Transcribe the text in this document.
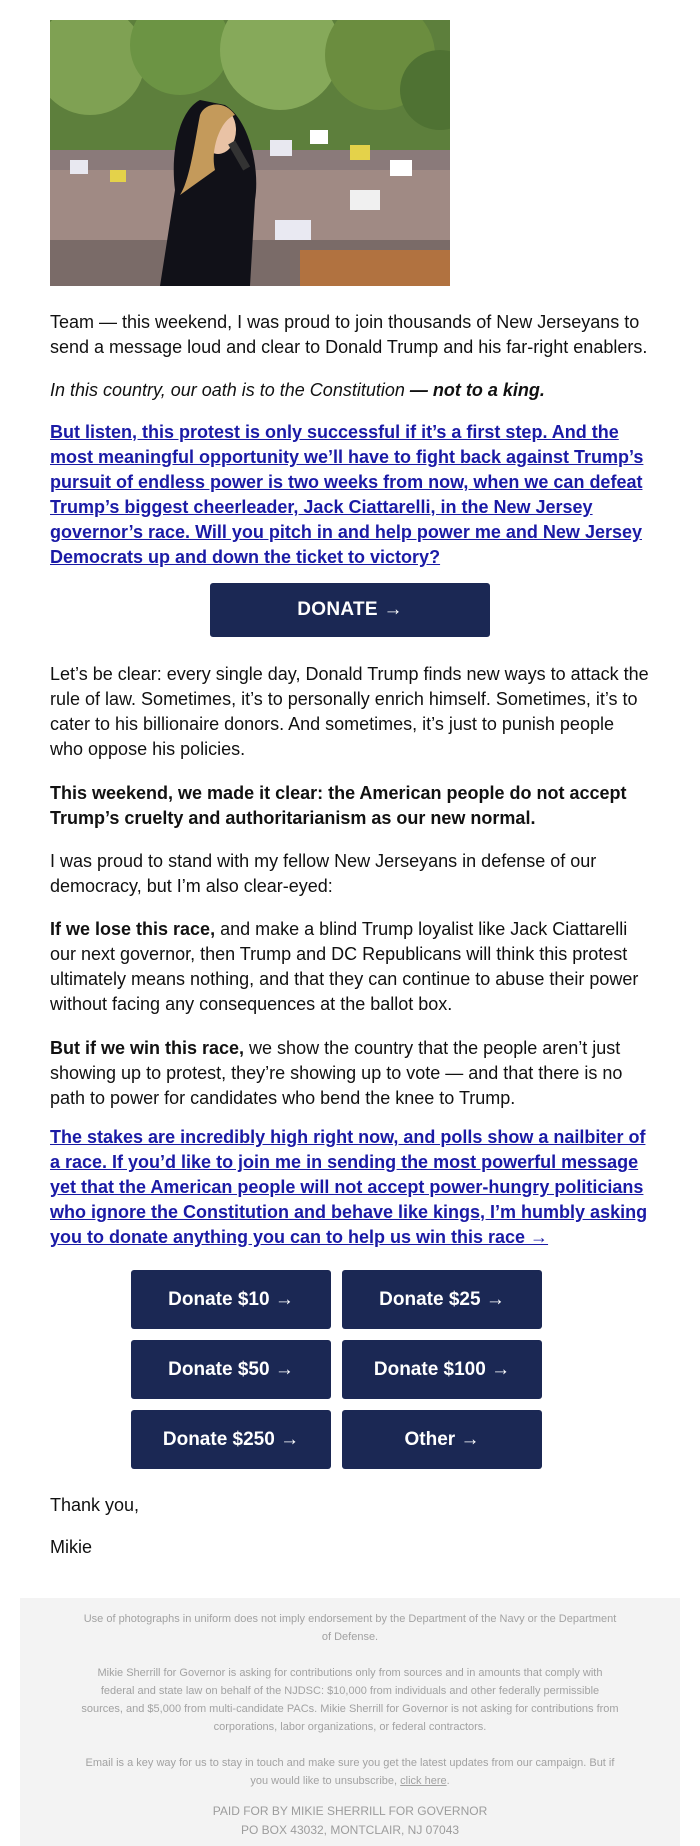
Team — this weekend, I was proud to join thousands of New Jerseyans to send a message loud and clear to Donald Trump and his far-right enablers.

In this country, our oath is to the Constitution — not to a king.

But listen, this protest is only successful if it’s a first step. And the most meaningful opportunity we’ll have to fight back against Trump’s pursuit of endless power is two weeks from now, when we can defeat Trump’s biggest cheerleader, Jack Ciattarelli, in the New Jersey governor’s race. Will you pitch in and help power me and New Jersey Democrats up and down the ticket to victory?

DONATE →

Let’s be clear: every single day, Donald Trump finds new ways to attack the rule of law. Sometimes, it’s to personally enrich himself. Sometimes, it’s to cater to his billionaire donors. And sometimes, it’s just to punish people who oppose his policies.

This weekend, we made it clear: the American people do not accept Trump’s cruelty and authoritarianism as our new normal.

I was proud to stand with my fellow New Jerseyans in defense of our democracy, but I’m also clear-eyed:

If we lose this race, and make a blind Trump loyalist like Jack Ciattarelli our next governor, then Trump and DC Republicans will think this protest ultimately means nothing, and that they can continue to abuse their power without facing any consequences at the ballot box.

But if we win this race, we show the country that the people aren’t just showing up to protest, they’re showing up to vote — and that there is no path to power for candidates who bend the knee to Trump.

The stakes are incredibly high right now, and polls show a nailbiter of a race. If you’d like to join me in sending the most powerful message yet that the American people will not accept power-hungry politicians who ignore the Constitution and behave like kings, I’m humbly asking you to donate anything you can to help us win this race →

Donate $10 →	Donate $25 →
Donate $50 →	Donate $100 →
Donate $250 →	Other →

Thank you,

Mikie

Use of photographs in uniform does not imply endorsement by the Department of the Navy or the Department of Defense.

Mikie Sherrill for Governor is asking for contributions only from sources and in amounts that comply with federal and state law on behalf of the NJDSC: $10,000 from individuals and other federally permissible sources, and $5,000 from multi-candidate PACs. Mikie Sherrill for Governor is not asking for contributions from corporations, labor organizations, or federal contractors.

Email is a key way for us to stay in touch and make sure you get the latest updates from our campaign. But if you would like to unsubscribe, click here.

PAID FOR BY MIKIE SHERRILL FOR GOVERNOR

PO BOX 43032, MONTCLAIR, NJ 07043
